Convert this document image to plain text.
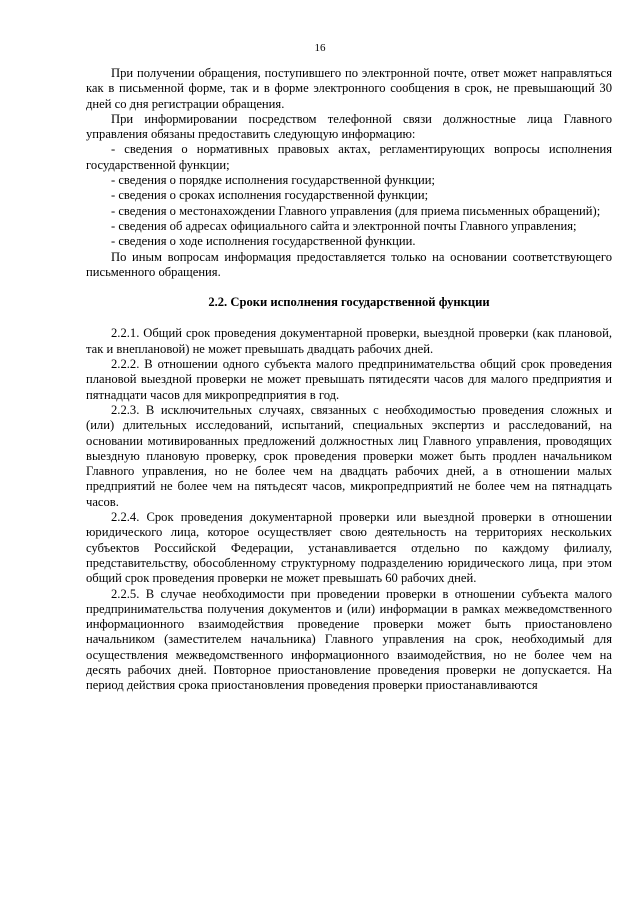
16

При получении обращения, поступившего по электронной почте, ответ может направляться как в письменной форме, так и в форме электронного сообщения в срок, не превышающий 30 дней со дня регистрации обращения.

При информировании посредством телефонной связи должностные лица Главного управления обязаны предоставить следующую информацию:

- сведения о нормативных правовых актах, регламентирующих вопросы исполнения государственной функции;

- сведения о порядке исполнения государственной функции;

- сведения о сроках исполнения государственной функции;

- сведения о местонахождении Главного управления (для приема письменных обращений);

- сведения об адресах официального сайта и электронной почты Главного управления;

- сведения о ходе исполнения государственной функции.

По иным вопросам информация предоставляется только на основании соответствующего письменного обращения.

2.2. Сроки исполнения государственной функции

2.2.1. Общий срок проведения документарной проверки, выездной проверки (как плановой, так и внеплановой) не может превышать двадцать рабочих дней.

2.2.2. В отношении одного субъекта малого предпринимательства общий срок проведения плановой выездной проверки не может превышать пятидесяти часов для малого предприятия и пятнадцати часов для микропредприятия в год.

2.2.3. В исключительных случаях, связанных с необходимостью проведения сложных и (или) длительных исследований, испытаний, специальных экспертиз и расследований, на основании мотивированных предложений должностных лиц Главного управления, проводящих выездную плановую проверку, срок проведения проверки может быть продлен начальником Главного управления, но не более чем на двадцать рабочих дней, а в отношении малых предприятий не более чем на пятьдесят часов, микропредприятий не более чем на пятнадцать часов.

2.2.4. Срок проведения документарной проверки или выездной проверки в отношении юридического лица, которое осуществляет свою деятельность на территориях нескольких субъектов Российской Федерации, устанавливается отдельно по каждому филиалу, представительству, обособленному структурному подразделению юридического лица, при этом общий срок проведения проверки не может превышать 60 рабочих дней.

2.2.5. В случае необходимости при проведении проверки в отношении субъекта малого предпринимательства получения документов и (или) информации в рамках межведомственного информационного взаимодействия проведение проверки может быть приостановлено начальником (заместителем начальника) Главного управления на срок, необходимый для осуществления межведомственного информационного взаимодействия, но не более чем на десять рабочих дней. Повторное приостановление проведения проверки не допускается. На период действия срока приостановления проведения проверки приостанавливаются
